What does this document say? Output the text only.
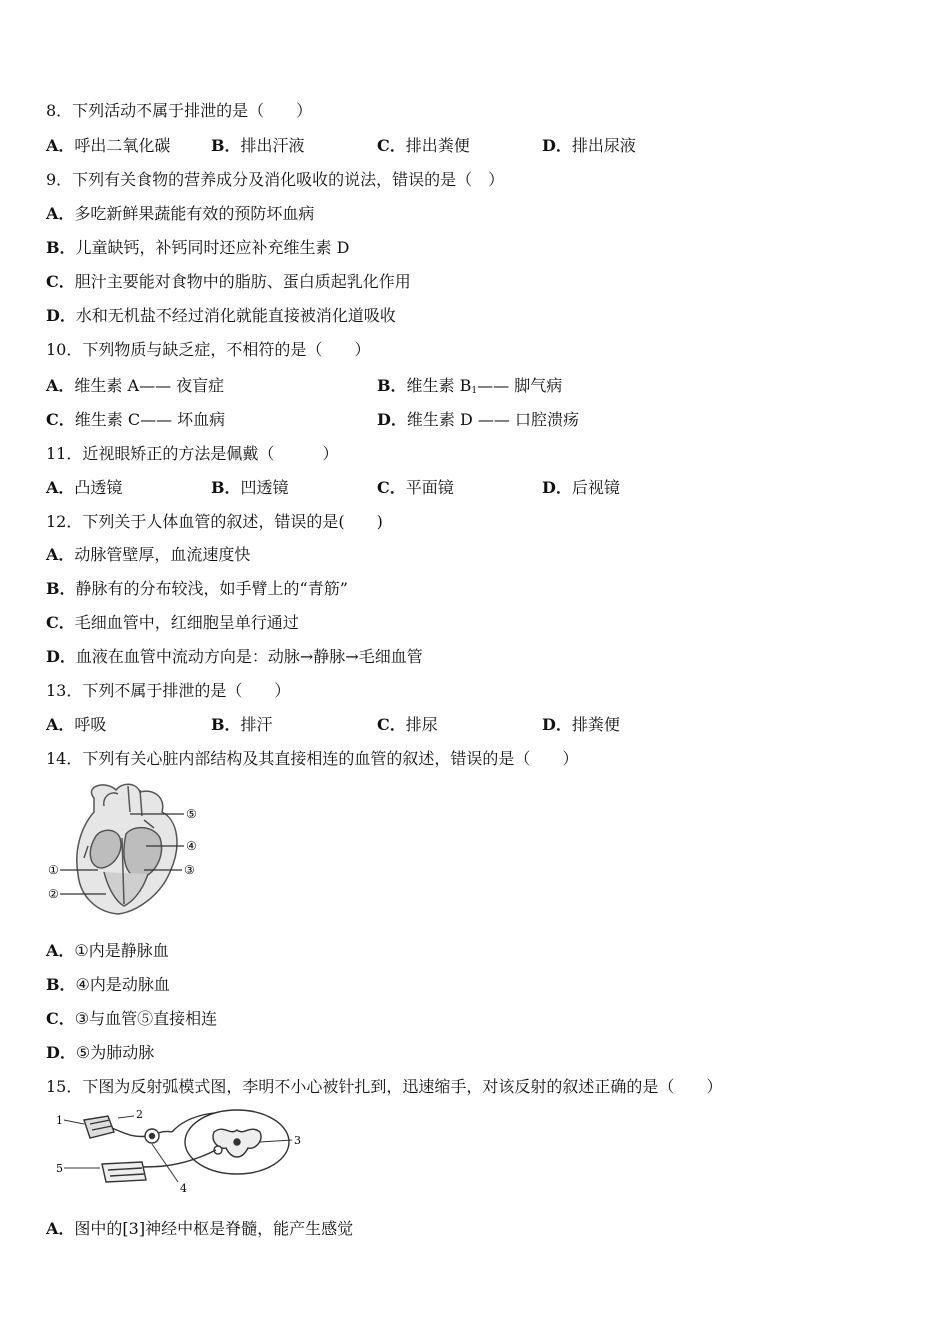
8．下列活动不属于排泄的是（　　）
A．呼出二氧化碳	B．排出汗液	C．排出粪便	D．排出尿液
9．下列有关食物的营养成分及消化吸收的说法，错误的是（　）
A．多吃新鲜果蔬能有效的预防坏血病
B．儿童缺钙，补钙同时还应补充维生素 D
C．胆汁主要能对食物中的脂肪、蛋白质起乳化作用
D．水和无机盐不经过消化就能直接被消化道吸收
10．下列物质与缺乏症，不相符的是（　　）
A．维生素 A—— 夜盲症	B．维生素 $B_1——$ 脚气病
C．维生素 C—— 坏血病	D．维生素 D —— 口腔溃疡
11．近视眼矫正的方法是佩戴（　　　）
A．凸透镜	B．凹透镜	C．平面镜	D．后视镜
12．下列关于人体血管的叙述，错误的是(　　)
A．动脉管壁厚，血流速度快
B．静脉有的分布较浅，如手臂上的“青筋”
C．毛细血管中，红细胞呈单行通过
D．血液在血管中流动方向是：动脉→静脉→毛细血管
13．下列不属于排泄的是（　　）
A．呼吸	B．排汗	C．排尿	D．排粪便
14．下列有关心脏内部结构及其直接相连的血管的叙述，错误的是（　　）
①
②
③
④
⑤
A．①内是静脉血
B．④内是动脉血
C．③与血管⑤直接相连
D．⑤为肺动脉
15．下图为反射弧模式图，李明不小心被针扎到，迅速缩手，对该反射的叙述正确的是（　　）
1	2
3
4
5
A．图中的[3]神经中枢是脊髓，能产生感觉
